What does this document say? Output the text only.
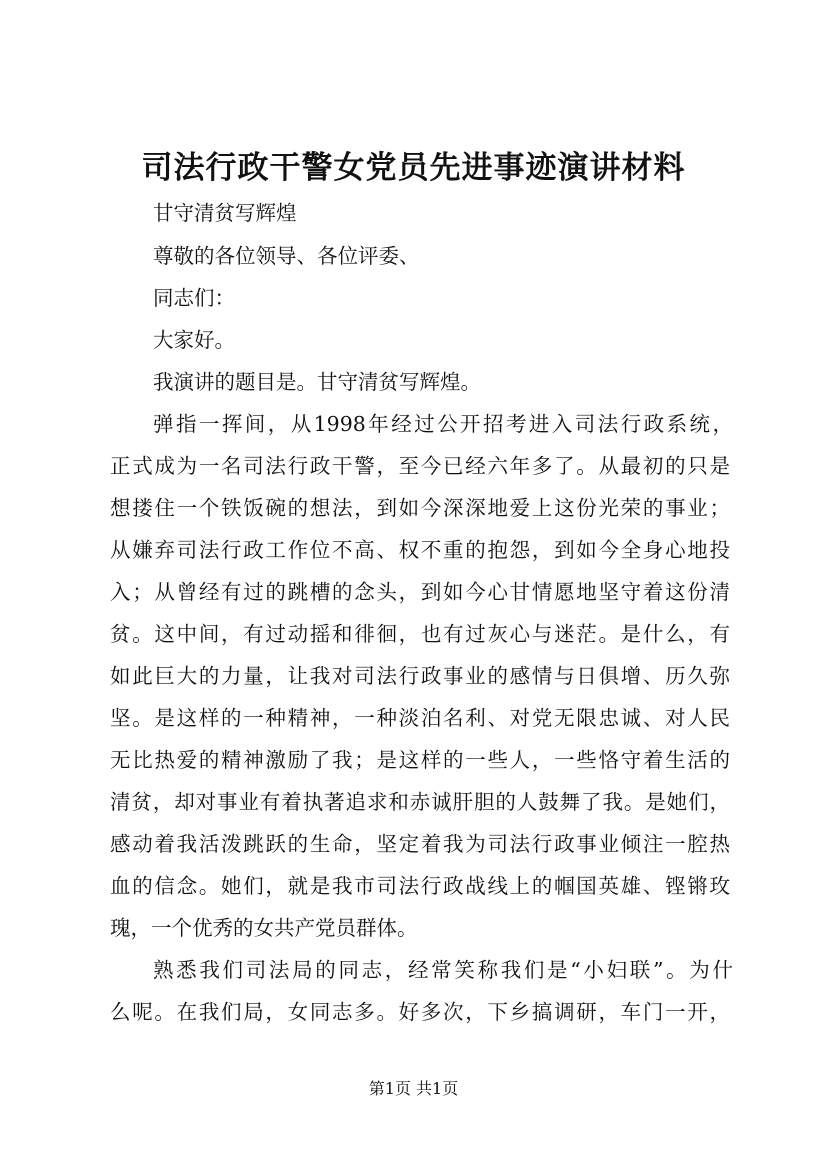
司法行政干警女党员先进事迹演讲材料

甘守清贫写辉煌

尊敬的各位领导、各位评委、

同志们：

大家好。

我演讲的题目是。甘守清贫写辉煌。

弹指一挥间，从1998年经过公开招考进入司法行政系统，

正式成为一名司法行政干警，至今已经六年多了。从最初的只是

想搂住一个铁饭碗的想法，到如今深深地爱上这份光荣的事业；

从嫌弃司法行政工作位不高、权不重的抱怨，到如今全身心地投

入；从曾经有过的跳槽的念头，到如今心甘情愿地坚守着这份清

贫。这中间，有过动摇和徘徊，也有过灰心与迷茫。是什么，有

如此巨大的力量，让我对司法行政事业的感情与日俱增、历久弥

坚。是这样的一种精神，一种淡泊名利、对党无限忠诚、对人民

无比热爱的精神激励了我；是这样的一些人，一些恪守着生活的

清贫，却对事业有着执著追求和赤诚肝胆的人鼓舞了我。是她们，

感动着我活泼跳跃的生命，坚定着我为司法行政事业倾注一腔热

血的信念。她们，就是我市司法行政战线上的帼国英雄、铿锵玫

瑰，一个优秀的女共产党员群体。

熟悉我们司法局的同志，经常笑称我们是“小妇联”。为什

么呢。在我们局，女同志多。好多次，下乡搞调研，车门一开，

第1页 共1页
